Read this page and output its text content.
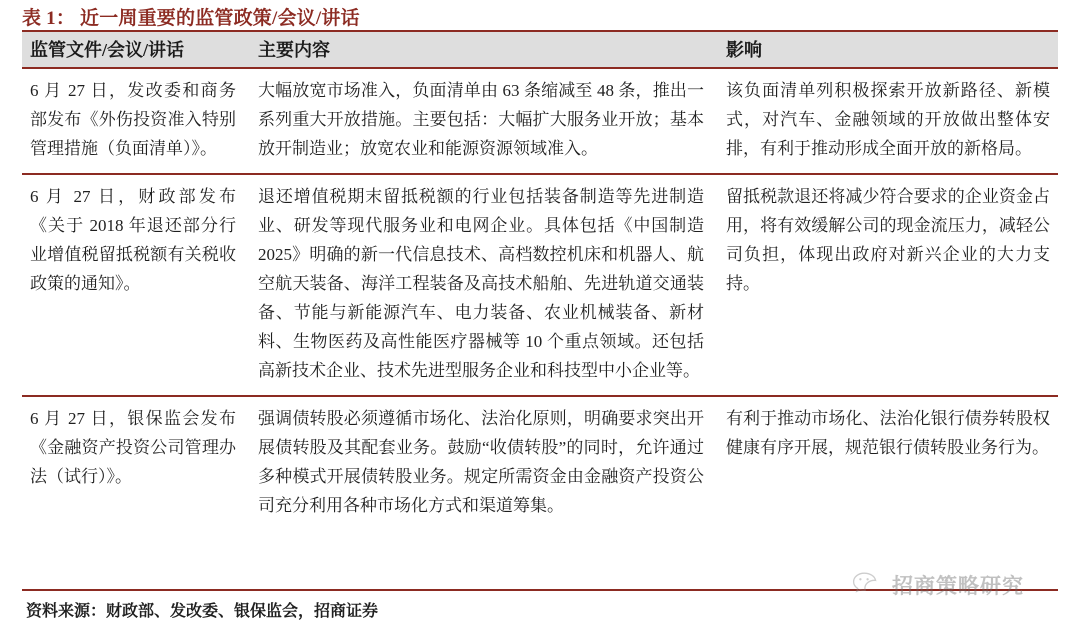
表 1： 近一周重要的监管政策/会议/讲话
监管文件/会议/讲话	主要内容	影响
6 月 27 日，发改委和商务部发布《外伤投资准入特别管理措施（负面清单）》。	大幅放宽市场准入，负面清单由 63 条缩减至 48 条，推出一系列重大开放措施。主要包括：大幅扩大服务业开放；基本放开制造业；放宽农业和能源资源领域准入。	该负面清单列积极探索开放新路径、新模式，对汽车、金融领域的开放做出整体安排，有利于推动形成全面开放的新格局。
6 月 27 日，财政部发布《关于 2018 年退还部分行业增值税留抵税额有关税收政策的通知》。	退还增值税期末留抵税额的行业包括装备制造等先进制造业、研发等现代服务业和电网企业。具体包括《中国制造 2025》明确的新一代信息技术、高档数控机床和机器人、航空航天装备、海洋工程装备及高技术船舶、先进轨道交通装备、节能与新能源汽车、电力装备、农业机械装备、新材料、生物医药及高性能医疗器械等 10 个重点领域。还包括高新技术企业、技术先进型服务企业和科技型中小企业等。	留抵税款退还将减少符合要求的企业资金占用，将有效缓解公司的现金流压力，减轻公司负担，体现出政府对新兴企业的大力支持。
6 月 27 日，银保监会发布《金融资产投资公司管理办法（试行）》。	强调债转股必须遵循市场化、法治化原则，明确要求突出开展债转股及其配套业务。鼓励“收债转股”的同时，允许通过多种模式开展债转股业务。规定所需资金由金融资产投资公司充分利用各种市场化方式和渠道筹集。	有利于推动市场化、法治化银行债券转股权健康有序开展，规范银行债转股业务行为。
资料来源：财政部、发改委、银保监会，招商证券
招商策略研究
